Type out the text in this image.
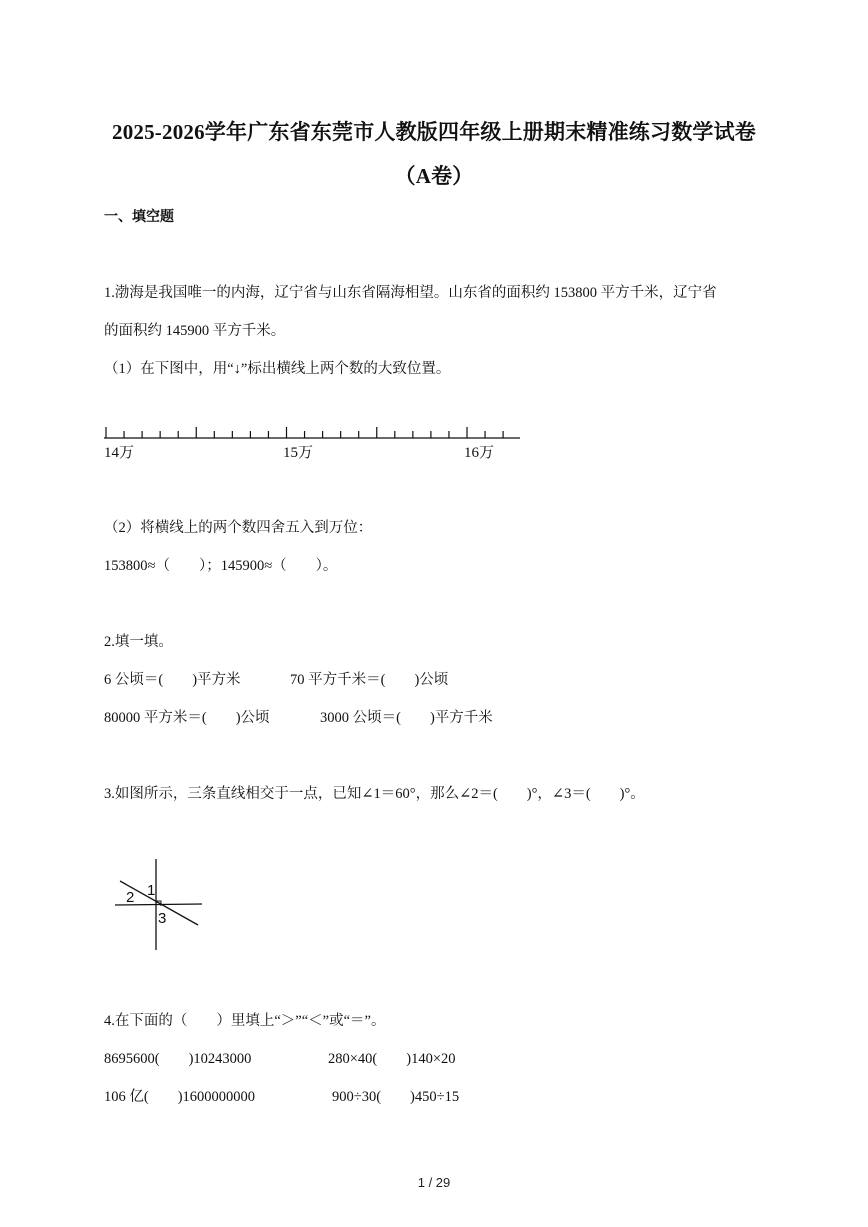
2025-2026学年广东省东莞市人教版四年级上册期末精准练习数学试卷
（A卷）
一、填空题
1.渤海是我国唯一的内海，辽宁省与山东省隔海相望。山东省的面积约 153800 平方千米，辽宁省
的面积约 145900 平方千米。
（1）在下图中，用“↓”标出横线上两个数的大致位置。
14万	15万	16万
（2）将横线上的两个数四舍五入到万位：
153800≈（　　）；145900≈（　　）。
2.填一填。
6 公顷＝(　　)平方米	70 平方千米＝(　　)公顷
80000 平方米＝(　　)公顷	3000 公顷＝(　　)平方千米
3.如图所示，三条直线相交于一点，已知∠1＝60°，那么∠2＝(　　)°，∠3＝(　　)°。
1
2
3
4.在下面的（　　）里填上“＞”“＜”或“＝”。
8695600(　　)10243000	280×40(　　)140×20
106 亿(　　)1600000000	900÷30(　　)450÷15
1 / 29
